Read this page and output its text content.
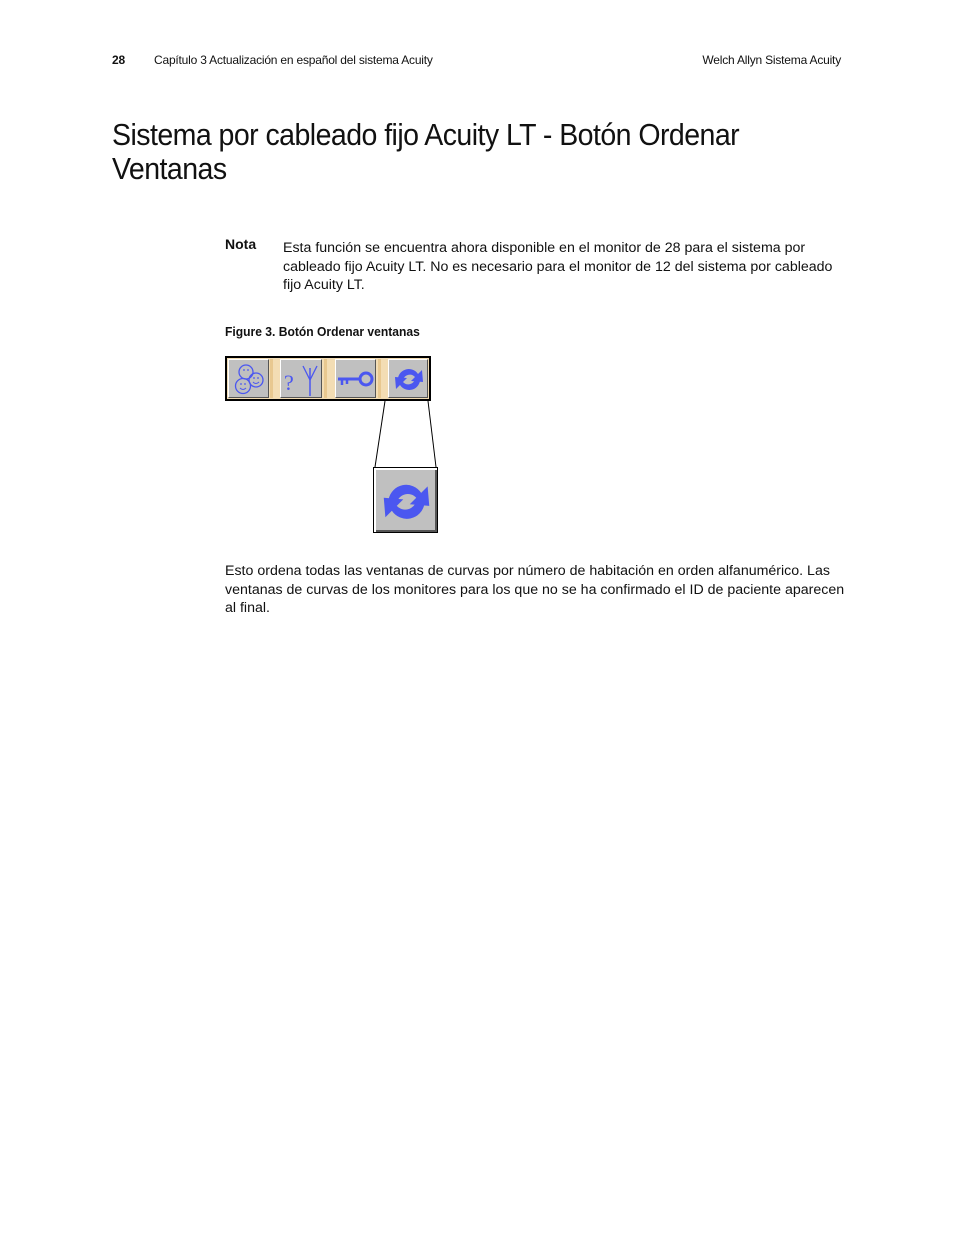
28 Capítulo 3 Actualización en español del sistema Acuity	Welch Allyn Sistema Acuity
Sistema por cableado fijo Acuity LT - Botón Ordenar Ventanas
Nota Esta función se encuentra ahora disponible en el monitor de 28 para el sistema por cableado fijo Acuity LT. No es necesario para el monitor de 12 del sistema por cableado fijo Acuity LT.

Figure 3. Botón Ordenar ventanas
?

Esto ordena todas las ventanas de curvas por número de habitación en orden alfanumérico. Las ventanas de curvas de los monitores para los que no se ha confirmado el ID de paciente aparecen al final.
